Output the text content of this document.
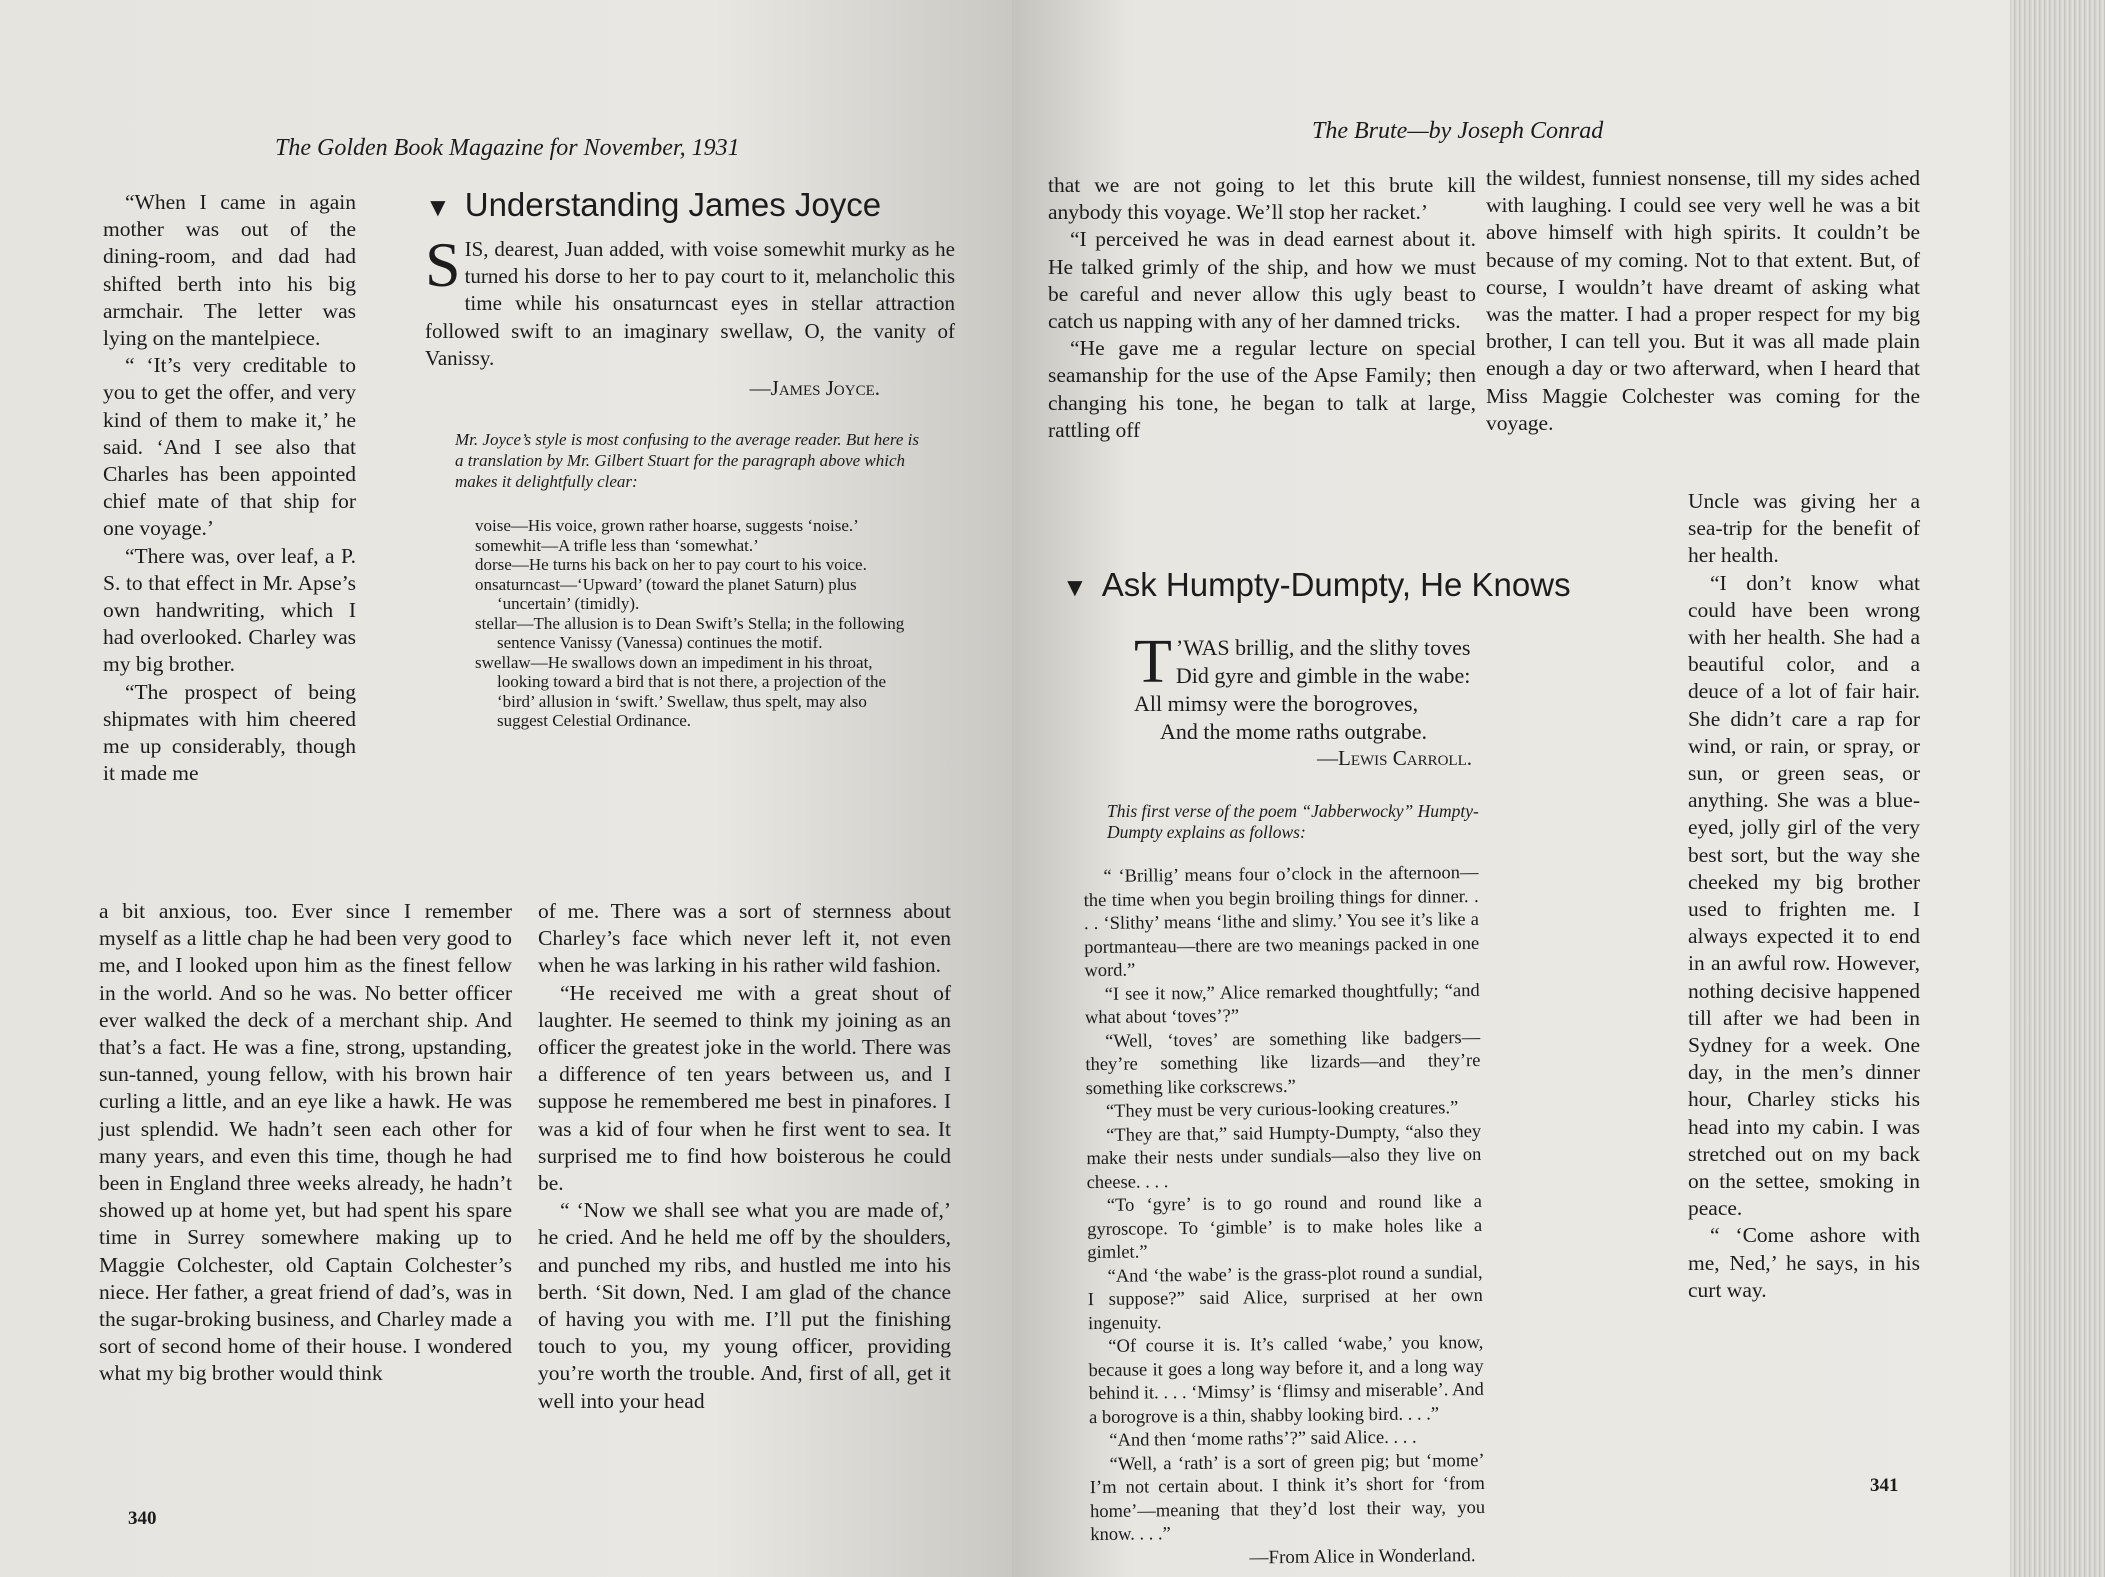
The Golden Book Magazine for November, 1931

“When I came in again mother was out of the dining-room, and dad had shifted berth into his big armchair. The letter was lying on the mantelpiece.

“ ‘It’s very creditable to you to get the offer, and very kind of them to make it,’ he said. ‘And I see also that Charles has been appointed chief mate of that ship for one voyage.’

“There was, over leaf, a P. S. to that effect in Mr. Apse’s own handwriting, which I had overlooked. Charley was my big brother.

“The prospect of being shipmates with him cheered me up considerably, though it made me

▼ Understanding James Joyce
SIS, dearest, Juan added, with voise somewhit murky as he turned his dorse to her to pay court to it, melancholic this time while his onsaturncast eyes in stellar attraction followed swift to an imaginary swellaw, O, the vanity of Vanissy.
—James Joyce.
Mr. Joyce’s style is most confusing to the average reader. But here is a translation by Mr. Gilbert Stuart for the paragraph above which makes it delightfully clear:
voise—His voice, grown rather hoarse, suggests ‘noise.’
somewhit—A trifle less than ‘somewhat.’
dorse—He turns his back on her to pay court to his voice.
onsaturncast—‘Upward’ (toward the planet Saturn) plus ‘uncertain’ (timidly).
stellar—The allusion is to Dean Swift’s Stella; in the following sentence Vanissy (Vanessa) continues the motif.
swellaw—He swallows down an impediment in his throat, looking toward a bird that is not there, a projection of the ‘bird’ allusion in ‘swift.’ Swellaw, thus spelt, may also suggest Celestial Ordinance.

a bit anxious, too. Ever since I remember myself as a little chap he had been very good to me, and I looked upon him as the finest fellow in the world. And so he was. No better officer ever walked the deck of a merchant ship. And that’s a fact. He was a fine, strong, upstanding, sun-tanned, young fellow, with his brown hair curling a little, and an eye like a hawk. He was just splendid. We hadn’t seen each other for many years, and even this time, though he had been in England three weeks already, he hadn’t showed up at home yet, but had spent his spare time in Surrey somewhere making up to Maggie Colchester, old Captain Colchester’s niece. Her father, a great friend of dad’s, was in the sugar-broking business, and Charley made a sort of second home of their house. I wondered what my big brother would think

of me. There was a sort of sternness about Charley’s face which never left it, not even when he was larking in his rather wild fashion.

“He received me with a great shout of laughter. He seemed to think my joining as an officer the greatest joke in the world. There was a difference of ten years between us, and I suppose he remembered me best in pinafores. I was a kid of four when he first went to sea. It surprised me to find how boisterous he could be.

“ ‘Now we shall see what you are made of,’ he cried. And he held me off by the shoulders, and punched my ribs, and hustled me into his berth. ‘Sit down, Ned. I am glad of the chance of having you with me. I’ll put the finishing touch to you, my young officer, providing you’re worth the trouble. And, first of all, get it well into your head

340
The Brute—by Joseph Conrad

that we are not going to let this brute kill anybody this voyage. We’ll stop her racket.’

“I perceived he was in dead earnest about it. He talked grimly of the ship, and how we must be careful and never allow this ugly beast to catch us napping with any of her damned tricks.

“He gave me a regular lecture on special seamanship for the use of the Apse Family; then changing his tone, he began to talk at large, rattling off

the wildest, funniest nonsense, till my sides ached with laughing. I could see very well he was a bit above himself with high spirits. It couldn’t be because of my coming. Not to that extent. But, of course, I wouldn’t have dreamt of asking what was the matter. I had a proper respect for my big brother, I can tell you. But it was all made plain enough a day or two afterward, when I heard that Miss Maggie Colchester was coming for the voyage.

▼ Ask Humpty-Dumpty, He Knows
T ’WAS brillig, and the slithy toves
Did gyre and gimble in the wabe:
All mimsy were the borogroves,
And the mome raths outgrabe.
—Lewis Carroll.
This first verse of the poem “Jabberwocky” Humpty-Dumpty explains as follows:

“ ‘Brillig’ means four o’clock in the afternoon—the time when you begin broiling things for dinner. . . . ‘Slithy’ means ‘lithe and slimy.’ You see it’s like a portmanteau—there are two meanings packed in one word.”

“I see it now,” Alice remarked thoughtfully; “and what about ‘toves’?”

“Well, ‘toves’ are something like badgers—they’re something like lizards—and they’re something like corkscrews.”

“They must be very curious-looking creatures.”

“They are that,” said Humpty-Dumpty, “also they make their nests under sundials—also they live on cheese. . . .

“To ‘gyre’ is to go round and round like a gyroscope. To ‘gimble’ is to make holes like a gimlet.”

“And ‘the wabe’ is the grass-plot round a sundial, I suppose?” said Alice, surprised at her own ingenuity.

“Of course it is. It’s called ‘wabe,’ you know, because it goes a long way before it, and a long way behind it. . . . ‘Mimsy’ is ‘flimsy and miserable’. And a borogrove is a thin, shabby looking bird. . . .”

“And then ‘mome raths’?” said Alice. . . .

“Well, a ‘rath’ is a sort of green pig; but ‘mome’ I’m not certain about. I think it’s short for ‘from home’—meaning that they’d lost their way, you know. . . .”

—From Alice in Wonderland.

Uncle was giving her a sea-trip for the benefit of her health.

“I don’t know what could have been wrong with her health. She had a beautiful color, and a deuce of a lot of fair hair. She didn’t care a rap for wind, or rain, or spray, or sun, or green seas, or anything. She was a blue-eyed, jolly girl of the very best sort, but the way she cheeked my big brother used to frighten me. I always expected it to end in an awful row. However, nothing decisive happened till after we had been in Sydney for a week. One day, in the men’s dinner hour, Charley sticks his head into my cabin. I was stretched out on my back on the settee, smoking in peace.

“ ‘Come ashore with me, Ned,’ he says, in his curt way.

341
